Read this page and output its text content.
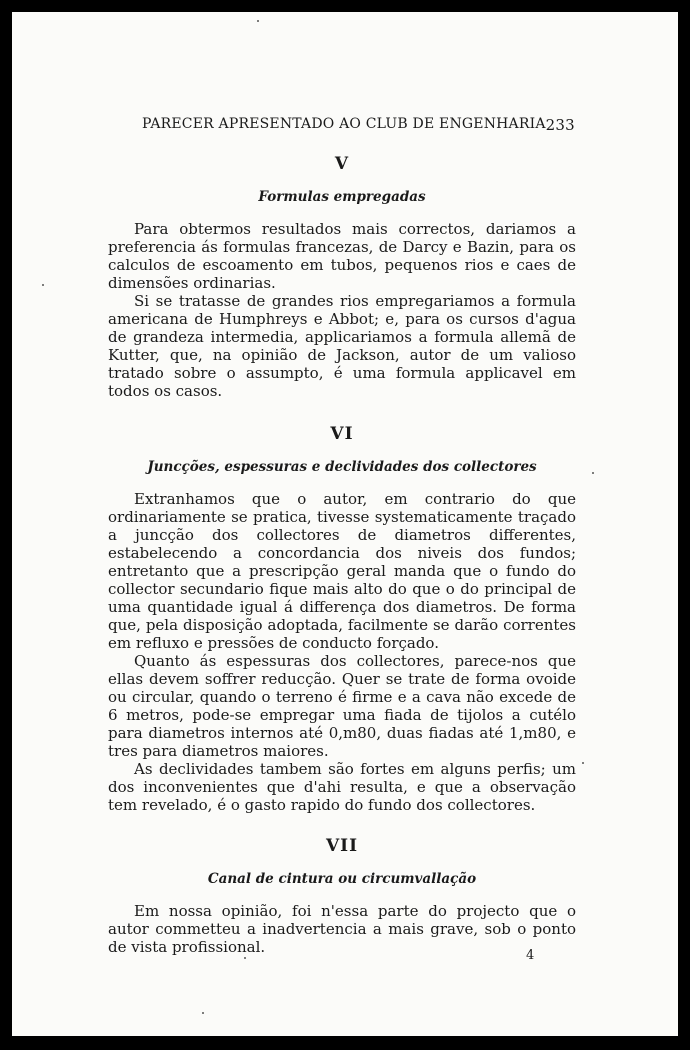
PARECER APRESENTADO AO CLUB DE ENGENHARIA 233
V
Formulas empregadas

Para obtermos resultados mais correctos, dariamos a preferencia ás formulas francezas, de Darcy e Bazin, para os calculos de escoamento em tubos, pequenos rios e caes de dimensões ordinarias.

Si se tratasse de grandes rios empregariamos a formula americana de Humphreys e Abbot; e, para os cursos d'agua de grandeza intermedia, applicariamos a formula allemã de Kutter, que, na opinião de Jackson, autor de um valioso tratado sobre o assumpto, é uma formula applicavel em todos os casos.

VI
Juncções, espessuras e declividades dos collectores

Extranhamos que o autor, em contrario do que ordinariamente se pratica, tivesse systematicamente traçado a juncção dos collectores de diametros differentes, estabelecendo a concordancia dos niveis dos fundos; entretanto que a prescripção geral manda que o fundo do collector secundario fique mais alto do que o do principal de uma quantidade igual á differença dos diametros. De forma que, pela disposição adoptada, facilmente se darão correntes em refluxo e pressões de conducto forçado.

Quanto ás espessuras dos collectores, parece-nos que ellas devem soffrer reducção. Quer se trate de forma ovoide ou circular, quando o terreno é firme e a cava não excede de 6 metros, pode-se empregar uma fiada de tijolos a cutélo para diametros internos até 0,m80, duas fiadas até 1,m80, e tres para diametros maiores.

As declividades tambem são fortes em alguns perfis; um dos inconvenientes que d'ahi resulta, e que a observação tem revelado, é o gasto rapido do fundo dos collectores.

VII
Canal de cintura ou circumvallação

Em nossa opinião, foi n'essa parte do projecto que o autor commetteu a inadvertencia a mais grave, sob o ponto de vista profissional.	4
